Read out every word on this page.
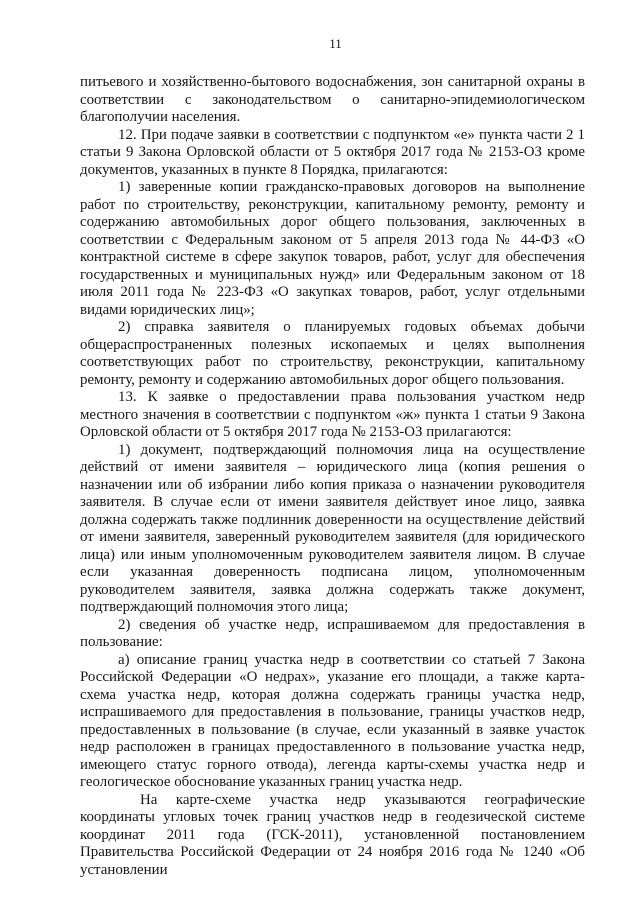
11

питьевого и хозяйственно-бытового водоснабжения, зон санитарной охраны в соответствии с законодательством о санитарно-эпидемиологическом благополучии населения.

12. При подаче заявки в соответствии с подпунктом «е» пункта части 2 1 статьи 9 Закона Орловской области от 5 октября 2017 года № 2153-ОЗ кроме документов, указанных в пункте 8 Порядка, прилагаются:

1) заверенные копии гражданско-правовых договоров на выполнение работ по строительству, реконструкции, капитальному ремонту, ремонту и содержанию автомобильных дорог общего пользования, заключенных в соответствии с Федеральным законом от 5 апреля 2013 года № 44-ФЗ «О контрактной системе в сфере закупок товаров, работ, услуг для обеспечения государственных и муниципальных нужд» или Федеральным законом от 18 июля 2011 года № 223-ФЗ «О закупках товаров, работ, услуг отдельными видами юридических лиц»;

2) справка заявителя о планируемых годовых объемах добычи общераспространенных полезных ископаемых и целях выполнения соответствующих работ по строительству, реконструкции, капитальному ремонту, ремонту и содержанию автомобильных дорог общего пользования.

13. К заявке о предоставлении права пользования участком недр местного значения в соответствии с подпунктом «ж» пункта 1 статьи 9 Закона Орловской области от 5 октября 2017 года № 2153-ОЗ прилагаются:

1) документ, подтверждающий полномочия лица на осуществление действий от имени заявителя – юридического лица (копия решения о назначении или об избрании либо копия приказа о назначении руководителя заявителя. В случае если от имени заявителя действует иное лицо, заявка должна содержать также подлинник доверенности на осуществление действий от имени заявителя, заверенный руководителем заявителя (для юридического лица) или иным уполномоченным руководителем заявителя лицом. В случае если указанная доверенность подписана лицом, уполномоченным руководителем заявителя, заявка должна содержать также документ, подтверждающий полномочия этого лица;

2) сведения об участке недр, испрашиваемом для предоставления в пользование:

а) описание границ участка недр в соответствии со статьей 7 Закона Российской Федерации «О недрах», указание его площади, а также карта-схема участка недр, которая должна содержать границы участка недр, испрашиваемого для предоставления в пользование, границы участков недр, предоставленных в пользование (в случае, если указанный в заявке участок недр расположен в границах предоставленного в пользование участка недр, имеющего статус горного отвода), легенда карты-схемы участка недр и геологическое обоснование указанных границ участка недр.

На карте-схеме участка недр указываются географические координаты угловых точек границ участков недр в геодезической системе координат 2011 года (ГСК-2011), установленной постановлением Правительства Российской Федерации от 24 ноября 2016 года № 1240 «Об установлении
